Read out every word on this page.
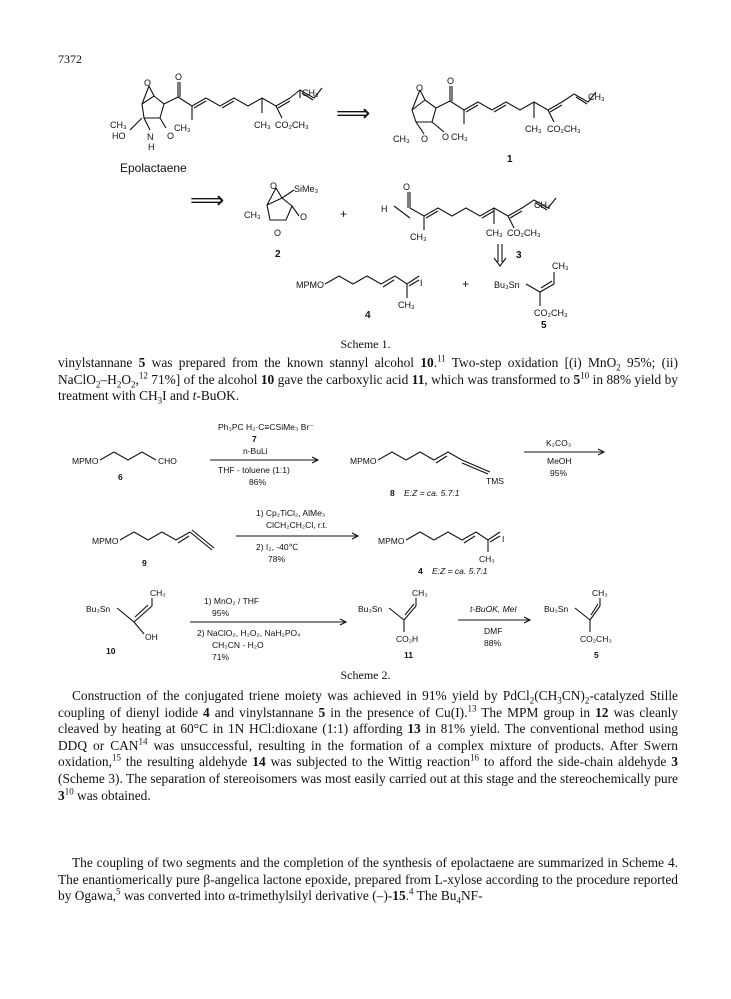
7372
O
O
CH₃
CH₃
HO N
H
O
CH₃	CH₃ CO₂CH₃
Epolactaene
⟹
O
O
CH₃
CH₃ O O CH₃
CH₃ CO₂CH₃
1
⟹
O SiMe₃
CH₃
O
O
2
+
O
H	CH₃
CH₃	CH₃ CO₂CH₃
3
MPMO	I
CH₃
4
+	Bu₃Sn
CH₃
CO₂CH₃
5
Scheme 1.

vinylstannane 5 was prepared from the known stannyl alcohol 10.11 Two-step oxidation [(i) MnO$_2$ 95%; (ii) $NaClO_2-H_2O_2,^{12}$ 71%] of the alcohol 10 gave the carboxylic acid 11, which was transformed to $5^{10}$ in 88% yield by treatment with $CH_3I$ and t-BuOK.

Ph₃PC H₂·C≡CSiMe₃ Br⁻
7
n-BuLi
THF - toluene (1:1)
86%
MPMO	CHO
6
MPMO
TMS
8 E:Z = ca. 5.7:1
K₂CO₃
MeOH
95%
MPMO
9
1) Cp₂TiCl₂, AlMe₃
ClCH₂CH₂Cl, r.t.
2) I₂, -40℃
78%
MPMO	I
CH₃
4 E:Z = ca. 5.7:1
CH₃
Bu₃Sn
OH
10
1) MnO₂ / THF
95%
2) NaClO₂, H₂O₂, NaH₂PO₄
CH₃CN - H₂O
71%
CH₃
Bu₃Sn
CO₂H
11
t-BuOK, MeI
DMF
88%
CH₃
Bu₃Sn
CO₂CH₃
5
Scheme 2.

Construction of the conjugated triene moiety was achieved in 91% yield by $PdCl_2(CH_3CN)_2$-catalyzed Stille coupling of dienyl iodide 4 and vinylstannane 5 in the presence of Cu(I).$^{13}$ The MPM group in 12 was cleanly cleaved by heating at 60°C in 1N HCl:dioxane (1:1) affording 13 in 81% yield. The conventional method using DDQ or CAN$^{14}$ was unsuccessful, resulting in the formation of a complex mixture of products. After Swern oxidation,$^{15}$ the resulting aldehyde 14 was subjected to the Wittig reaction$^{16}$ to afford the side-chain aldehyde 3 (Scheme 3). The separation of stereoisomers was most easily carried out at this stage and the stereochemically pure $3^{10}$ was obtained.

The coupling of two segments and the completion of the synthesis of epolactaene are summarized in Scheme 4. The enantiomerically pure β-angelica lactone epoxide, prepared from L-xylose according to the procedure reported by Ogawa,$^5$ was converted into α-trimethylsilyl derivative (–)-15.$^4$ The $Bu_4NF-$
